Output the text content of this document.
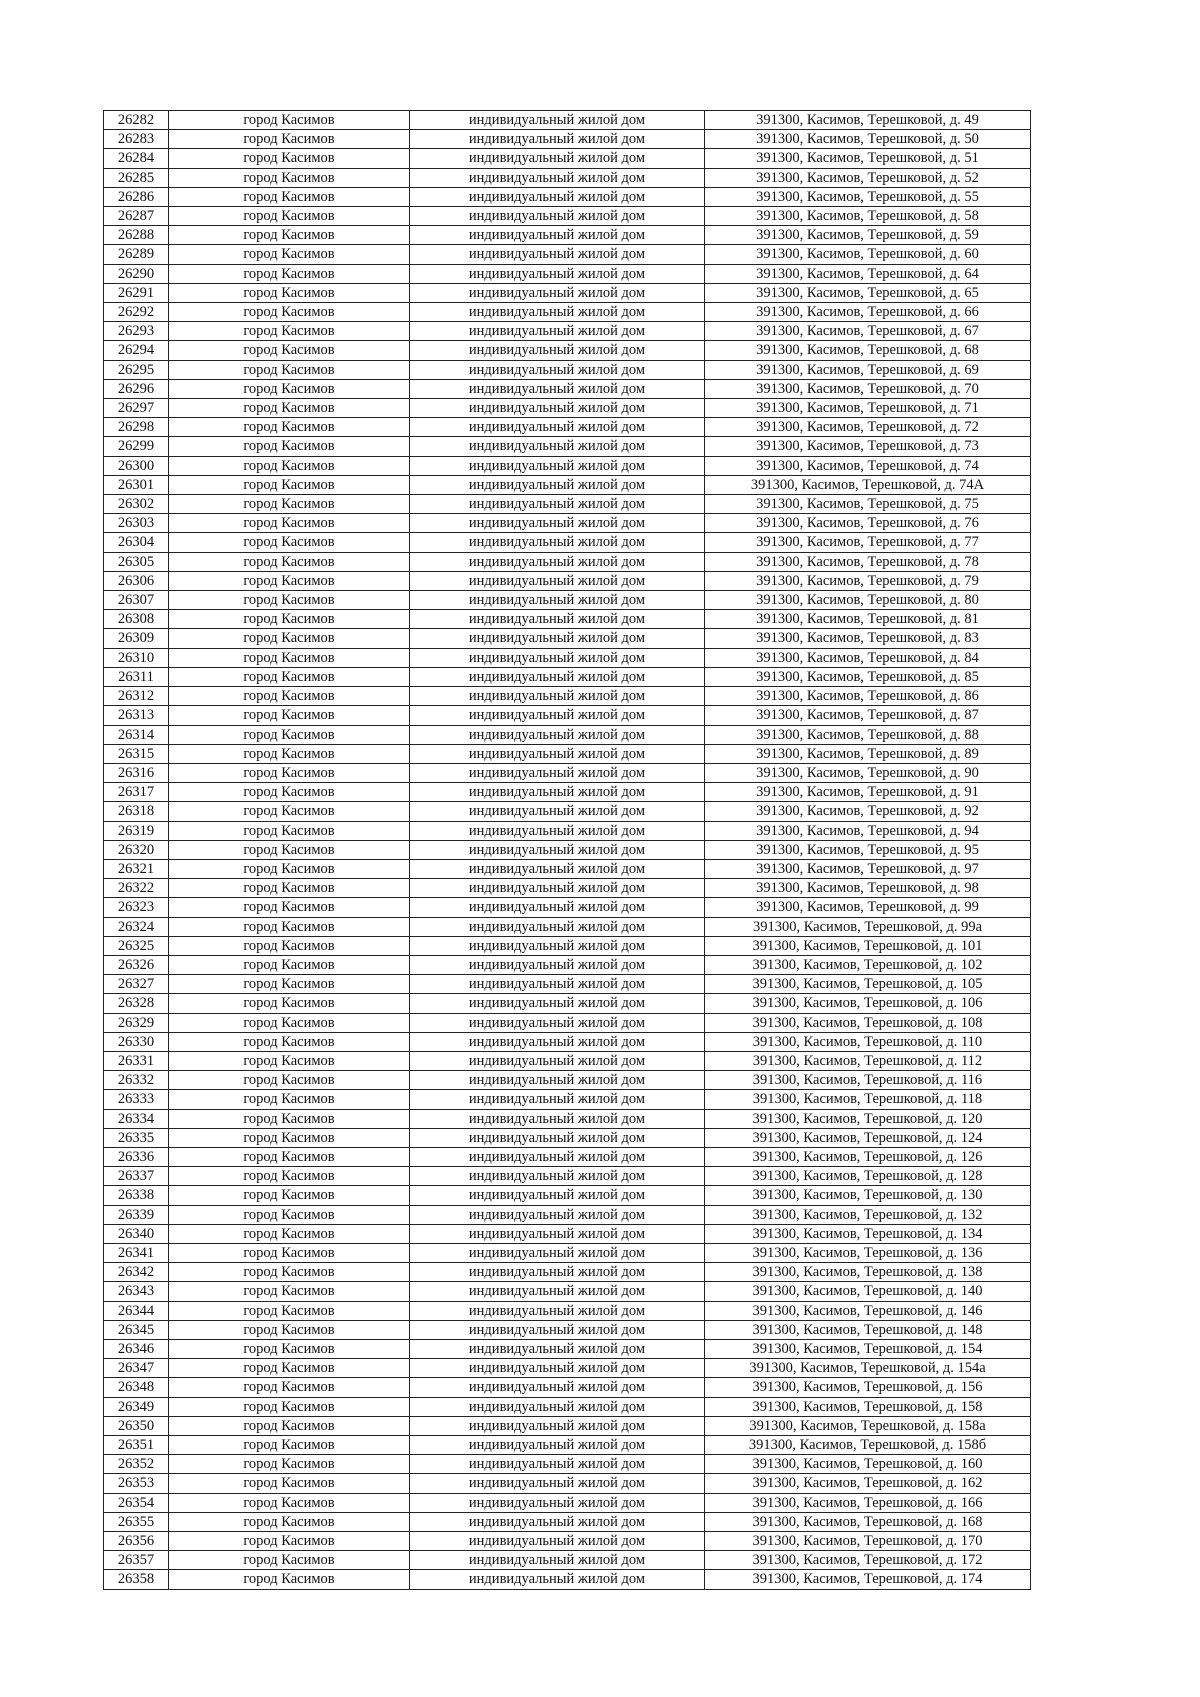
26282	город Касимов	индивидуальный жилой дом	391300, Касимов, Терешковой, д. 49
26283	город Касимов	индивидуальный жилой дом	391300, Касимов, Терешковой, д. 50
26284	город Касимов	индивидуальный жилой дом	391300, Касимов, Терешковой, д. 51
26285	город Касимов	индивидуальный жилой дом	391300, Касимов, Терешковой, д. 52
26286	город Касимов	индивидуальный жилой дом	391300, Касимов, Терешковой, д. 55
26287	город Касимов	индивидуальный жилой дом	391300, Касимов, Терешковой, д. 58
26288	город Касимов	индивидуальный жилой дом	391300, Касимов, Терешковой, д. 59
26289	город Касимов	индивидуальный жилой дом	391300, Касимов, Терешковой, д. 60
26290	город Касимов	индивидуальный жилой дом	391300, Касимов, Терешковой, д. 64
26291	город Касимов	индивидуальный жилой дом	391300, Касимов, Терешковой, д. 65
26292	город Касимов	индивидуальный жилой дом	391300, Касимов, Терешковой, д. 66
26293	город Касимов	индивидуальный жилой дом	391300, Касимов, Терешковой, д. 67
26294	город Касимов	индивидуальный жилой дом	391300, Касимов, Терешковой, д. 68
26295	город Касимов	индивидуальный жилой дом	391300, Касимов, Терешковой, д. 69
26296	город Касимов	индивидуальный жилой дом	391300, Касимов, Терешковой, д. 70
26297	город Касимов	индивидуальный жилой дом	391300, Касимов, Терешковой, д. 71
26298	город Касимов	индивидуальный жилой дом	391300, Касимов, Терешковой, д. 72
26299	город Касимов	индивидуальный жилой дом	391300, Касимов, Терешковой, д. 73
26300	город Касимов	индивидуальный жилой дом	391300, Касимов, Терешковой, д. 74
26301	город Касимов	индивидуальный жилой дом	391300, Касимов, Терешковой, д. 74А
26302	город Касимов	индивидуальный жилой дом	391300, Касимов, Терешковой, д. 75
26303	город Касимов	индивидуальный жилой дом	391300, Касимов, Терешковой, д. 76
26304	город Касимов	индивидуальный жилой дом	391300, Касимов, Терешковой, д. 77
26305	город Касимов	индивидуальный жилой дом	391300, Касимов, Терешковой, д. 78
26306	город Касимов	индивидуальный жилой дом	391300, Касимов, Терешковой, д. 79
26307	город Касимов	индивидуальный жилой дом	391300, Касимов, Терешковой, д. 80
26308	город Касимов	индивидуальный жилой дом	391300, Касимов, Терешковой, д. 81
26309	город Касимов	индивидуальный жилой дом	391300, Касимов, Терешковой, д. 83
26310	город Касимов	индивидуальный жилой дом	391300, Касимов, Терешковой, д. 84
26311	город Касимов	индивидуальный жилой дом	391300, Касимов, Терешковой, д. 85
26312	город Касимов	индивидуальный жилой дом	391300, Касимов, Терешковой, д. 86
26313	город Касимов	индивидуальный жилой дом	391300, Касимов, Терешковой, д. 87
26314	город Касимов	индивидуальный жилой дом	391300, Касимов, Терешковой, д. 88
26315	город Касимов	индивидуальный жилой дом	391300, Касимов, Терешковой, д. 89
26316	город Касимов	индивидуальный жилой дом	391300, Касимов, Терешковой, д. 90
26317	город Касимов	индивидуальный жилой дом	391300, Касимов, Терешковой, д. 91
26318	город Касимов	индивидуальный жилой дом	391300, Касимов, Терешковой, д. 92
26319	город Касимов	индивидуальный жилой дом	391300, Касимов, Терешковой, д. 94
26320	город Касимов	индивидуальный жилой дом	391300, Касимов, Терешковой, д. 95
26321	город Касимов	индивидуальный жилой дом	391300, Касимов, Терешковой, д. 97
26322	город Касимов	индивидуальный жилой дом	391300, Касимов, Терешковой, д. 98
26323	город Касимов	индивидуальный жилой дом	391300, Касимов, Терешковой, д. 99
26324	город Касимов	индивидуальный жилой дом	391300, Касимов, Терешковой, д. 99а
26325	город Касимов	индивидуальный жилой дом	391300, Касимов, Терешковой, д. 101
26326	город Касимов	индивидуальный жилой дом	391300, Касимов, Терешковой, д. 102
26327	город Касимов	индивидуальный жилой дом	391300, Касимов, Терешковой, д. 105
26328	город Касимов	индивидуальный жилой дом	391300, Касимов, Терешковой, д. 106
26329	город Касимов	индивидуальный жилой дом	391300, Касимов, Терешковой, д. 108
26330	город Касимов	индивидуальный жилой дом	391300, Касимов, Терешковой, д. 110
26331	город Касимов	индивидуальный жилой дом	391300, Касимов, Терешковой, д. 112
26332	город Касимов	индивидуальный жилой дом	391300, Касимов, Терешковой, д. 116
26333	город Касимов	индивидуальный жилой дом	391300, Касимов, Терешковой, д. 118
26334	город Касимов	индивидуальный жилой дом	391300, Касимов, Терешковой, д. 120
26335	город Касимов	индивидуальный жилой дом	391300, Касимов, Терешковой, д. 124
26336	город Касимов	индивидуальный жилой дом	391300, Касимов, Терешковой, д. 126
26337	город Касимов	индивидуальный жилой дом	391300, Касимов, Терешковой, д. 128
26338	город Касимов	индивидуальный жилой дом	391300, Касимов, Терешковой, д. 130
26339	город Касимов	индивидуальный жилой дом	391300, Касимов, Терешковой, д. 132
26340	город Касимов	индивидуальный жилой дом	391300, Касимов, Терешковой, д. 134
26341	город Касимов	индивидуальный жилой дом	391300, Касимов, Терешковой, д. 136
26342	город Касимов	индивидуальный жилой дом	391300, Касимов, Терешковой, д. 138
26343	город Касимов	индивидуальный жилой дом	391300, Касимов, Терешковой, д. 140
26344	город Касимов	индивидуальный жилой дом	391300, Касимов, Терешковой, д. 146
26345	город Касимов	индивидуальный жилой дом	391300, Касимов, Терешковой, д. 148
26346	город Касимов	индивидуальный жилой дом	391300, Касимов, Терешковой, д. 154
26347	город Касимов	индивидуальный жилой дом	391300, Касимов, Терешковой, д. 154а
26348	город Касимов	индивидуальный жилой дом	391300, Касимов, Терешковой, д. 156
26349	город Касимов	индивидуальный жилой дом	391300, Касимов, Терешковой, д. 158
26350	город Касимов	индивидуальный жилой дом	391300, Касимов, Терешковой, д. 158а
26351	город Касимов	индивидуальный жилой дом	391300, Касимов, Терешковой, д. 158б
26352	город Касимов	индивидуальный жилой дом	391300, Касимов, Терешковой, д. 160
26353	город Касимов	индивидуальный жилой дом	391300, Касимов, Терешковой, д. 162
26354	город Касимов	индивидуальный жилой дом	391300, Касимов, Терешковой, д. 166
26355	город Касимов	индивидуальный жилой дом	391300, Касимов, Терешковой, д. 168
26356	город Касимов	индивидуальный жилой дом	391300, Касимов, Терешковой, д. 170
26357	город Касимов	индивидуальный жилой дом	391300, Касимов, Терешковой, д. 172
26358	город Касимов	индивидуальный жилой дом	391300, Касимов, Терешковой, д. 174
